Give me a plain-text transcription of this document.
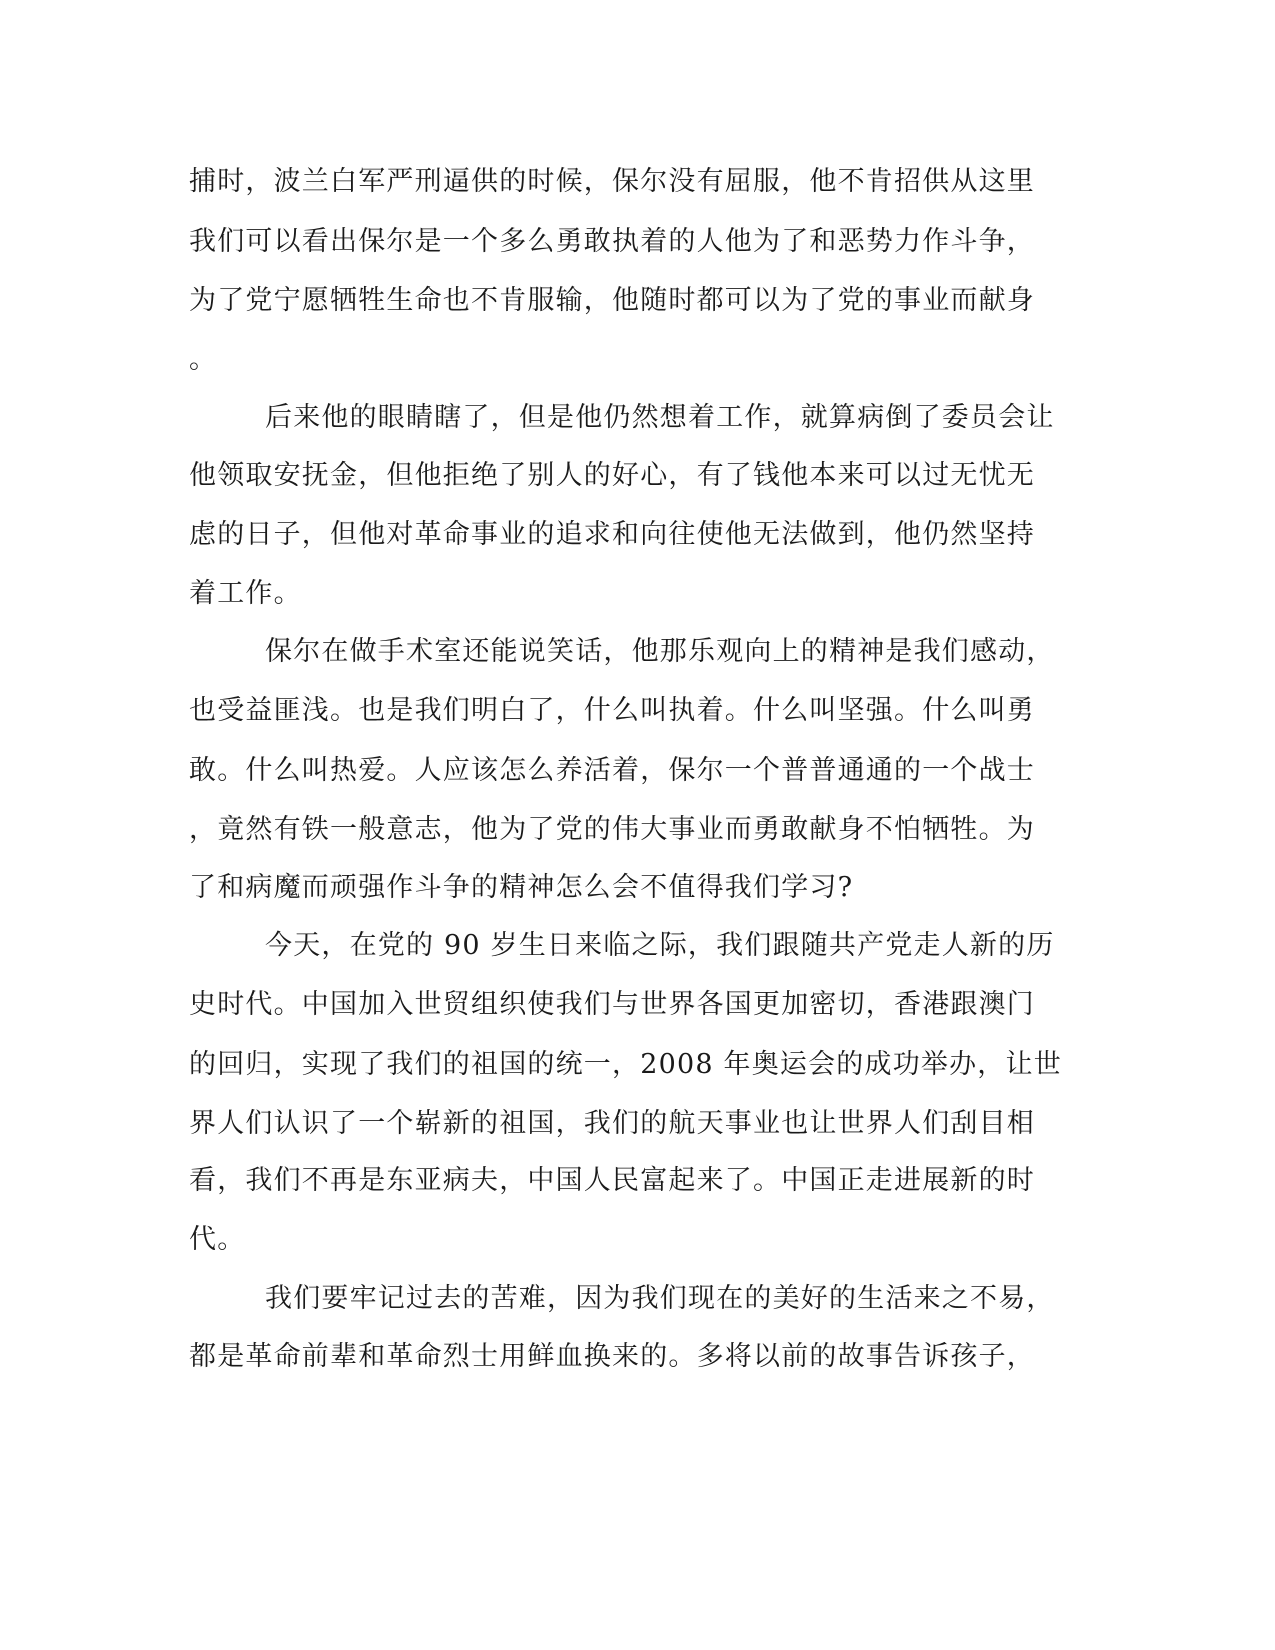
捕时，波兰白军严刑逼供的时候，保尔没有屈服，他不肯招供从这里
我们可以看出保尔是一个多么勇敢执着的人他为了和恶势力作斗争，
为了党宁愿牺牲生命也不肯服输，他随时都可以为了党的事业而献身
。
后来他的眼睛瞎了，但是他仍然想着工作，就算病倒了委员会让
他领取安抚金，但他拒绝了别人的好心，有了钱他本来可以过无忧无
虑的日子，但他对革命事业的追求和向往使他无法做到，他仍然坚持
着工作。
保尔在做手术室还能说笑话，他那乐观向上的精神是我们感动，
也受益匪浅。也是我们明白了，什么叫执着。什么叫坚强。什么叫勇
敢。什么叫热爱。人应该怎么养活着，保尔一个普普通通的一个战士
，竟然有铁一般意志，他为了党的伟大事业而勇敢献身不怕牺牲。为
了和病魔而顽强作斗争的精神怎么会不值得我们学习?
今天，在党的 90 岁生日来临之际，我们跟随共产党走人新的历
史时代。中国加入世贸组织使我们与世界各国更加密切，香港跟澳门
的回归，实现了我们的祖国的统一，2008 年奥运会的成功举办，让世
界人们认识了一个崭新的祖国，我们的航天事业也让世界人们刮目相
看，我们不再是东亚病夫，中国人民富起来了。中国正走进展新的时
代。
我们要牢记过去的苦难，因为我们现在的美好的生活来之不易，
都是革命前辈和革命烈士用鲜血换来的。多将以前的故事告诉孩子，
